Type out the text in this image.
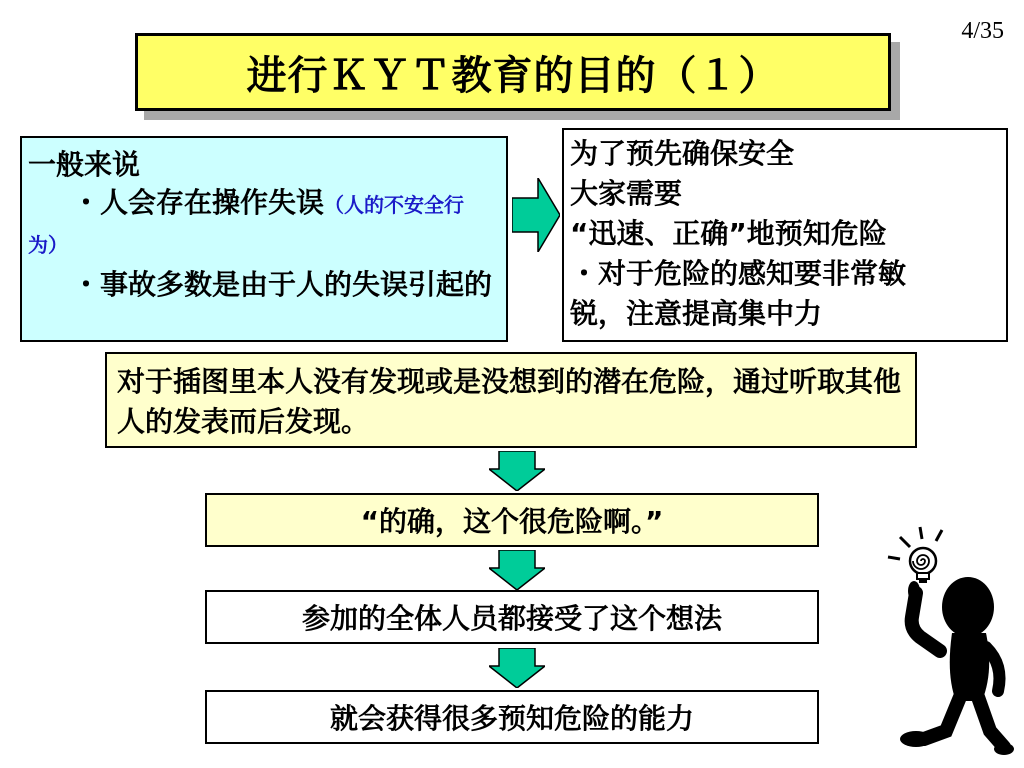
4/35
进行ＫＹＴ教育的目的（１）
一般来说
・人会存在操作失误（人的不安全行为）
・事故多数是由于人的失误引起的
为了预先确保安全
大家需要
“迅速、正确”地预知危险
・对于危险的感知要非常敏
锐，注意提高集中力
对于插图里本人没有发现或是没想到的潜在危险，通过听取其他人的发表而后发现。
“的确，这个很危险啊。”
参加的全体人员都接受了这个想法
就会获得很多预知危险的能力
